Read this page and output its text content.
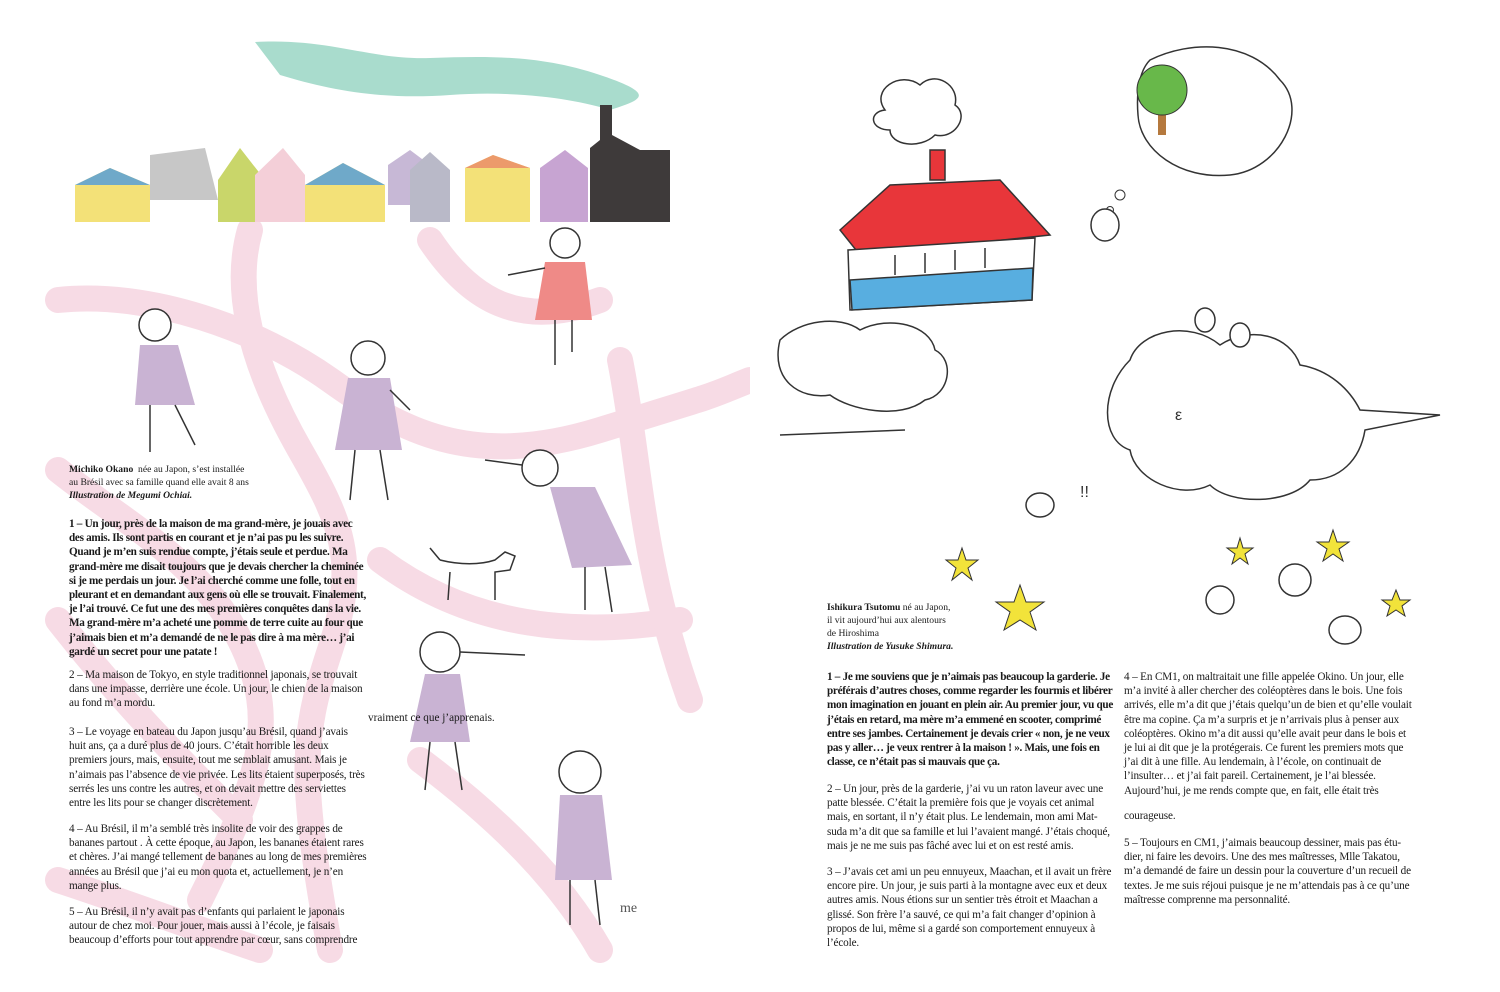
me
Michiko Okano née au Japon, s’est installée
au Brésil avec sa famille quand elle avait 8 ans
Illustration de Megumi Ochiai.

1 – Un jour, près de la maison de ma grand-mère, je jouais avec des amis. Ils sont partis en courant et je n’ai pas pu les suivre. Quand je m’en suis rendue compte, j’étais seule et perdue. Ma grand-mère me disait toujours que je devais chercher la cheminée si je me perdais un jour. Je l’ai cherché comme une folle, tout en pleurant et en demandant aux gens où elle se trouvait. Finalement, je l’ai trouvé. Ce fut une des mes premières conquêtes dans la vie. Ma grand-mère m’a acheté une pomme de terre cuite au four que j’aimais bien et m’a demandé de ne le pas dire à ma mère… j’ai gardé un secret pour une patate !

2 – Ma maison de Tokyo, en style traditionnel japonais, se trouvait dans une impasse, derrière une école. Un jour, le chien de la maison au fond m’a mordu.

3 – Le voyage en bateau du Japon jusqu’au Brésil, quand j’avais huit ans, ça a duré plus de 40 jours. C’était horrible les deux premiers jours, mais, ensuite, tout me semblait amusant. Mais je n’aimais pas l’absence de vie privée. Les lits étaient superposés, très serrés les uns contre les autres, et on devait mettre des serviettes entre les lits pour se changer discrètement.

4 – Au Brésil, il m’a semblé très insolite de voir des grappes de bananes partout . À cette époque, au Japon, les bananes étaient rares et chères. J’ai mangé tellement de bananes au long de mes premières années au Brésil que j’ai eu mon quota et, actuellement, je n’en mange plus.

5 – Au Brésil, il n’y avait pas d’enfants qui parlaient le japonais autour de chez moi. Pour jouer, mais aussi à l’école, je faisais beaucoup d’efforts pour tout apprendre par cœur, sans comprendre

vraiment ce que j’apprenais.
ε
!!
Ishikura Tsutomu né au Japon,
il vit aujourd’hui aux alentours
de Hiroshima
Illustration de Yusuke Shimura.

1 – Je me souviens que je n’aimais pas beaucoup la garderie. Je préférais d’autres choses, comme regarder les fourmis et libérer mon imagination en jouant en plein air. Au premier jour, vu que j’étais en retard, ma mère m’a emmené en scooter, comprimé entre ses jambes. Certainement je devais crier « non, je ne veux pas y aller… je veux rentrer à la maison ! ». Mais, une fois en classe, ce n’était pas si mauvais que ça.

2 – Un jour, près de la garderie, j’ai vu un raton laveur avec une patte blessée. C’était la première fois que je voyais cet animal mais, en sortant, il n’y était plus. Le lendemain, mon ami Matsuda m’a dit que sa famille et lui l’avaient mangé. J’étais choqué, mais je ne me suis pas fâché avec lui et on est resté amis.

3 – J’avais cet ami un peu ennuyeux, Maachan, et il avait un frère encore pire. Un jour, je suis parti à la montagne avec eux et deux autres amis. Nous étions sur un sentier très étroit et Maachan a glissé. Son frère l’a sauvé, ce qui m’a fait changer d’opinion à propos de lui, même si a gardé son comportement ennuyeux à l’école.

4 – En CM1, on maltraitait une fille appelée Okino. Un jour, elle m’a invité à aller chercher des coléoptères dans le bois. Une fois arrivés, elle m’a dit que j’étais quelqu’un de bien et qu’elle voulait être ma copine. Ça m’a surpris et je n’arrivais plus à penser aux coléoptères. Okino m’a dit aussi qu’elle avait peur dans le bois et je lui ai dit que je la protégerais. Ce furent les premiers mots que j’ai dit à une fille. Au lendemain, à l’école, on continuait de l’insulter… et j’ai fait pareil. Certainement, je l’ai blessée. Aujourd’hui, je me rends compte que, en fait, elle était très

courageuse.

5 – Toujours en CM1, j’aimais beaucoup dessiner, mais pas étudier, ni faire les devoirs. Une des mes maîtresses, Mlle Takatou, m’a demandé de faire un dessin pour la couverture d’un recueil de textes. Je me suis réjoui puisque je ne m’attendais pas à ce qu’une maîtresse comprenne ma personnalité.
